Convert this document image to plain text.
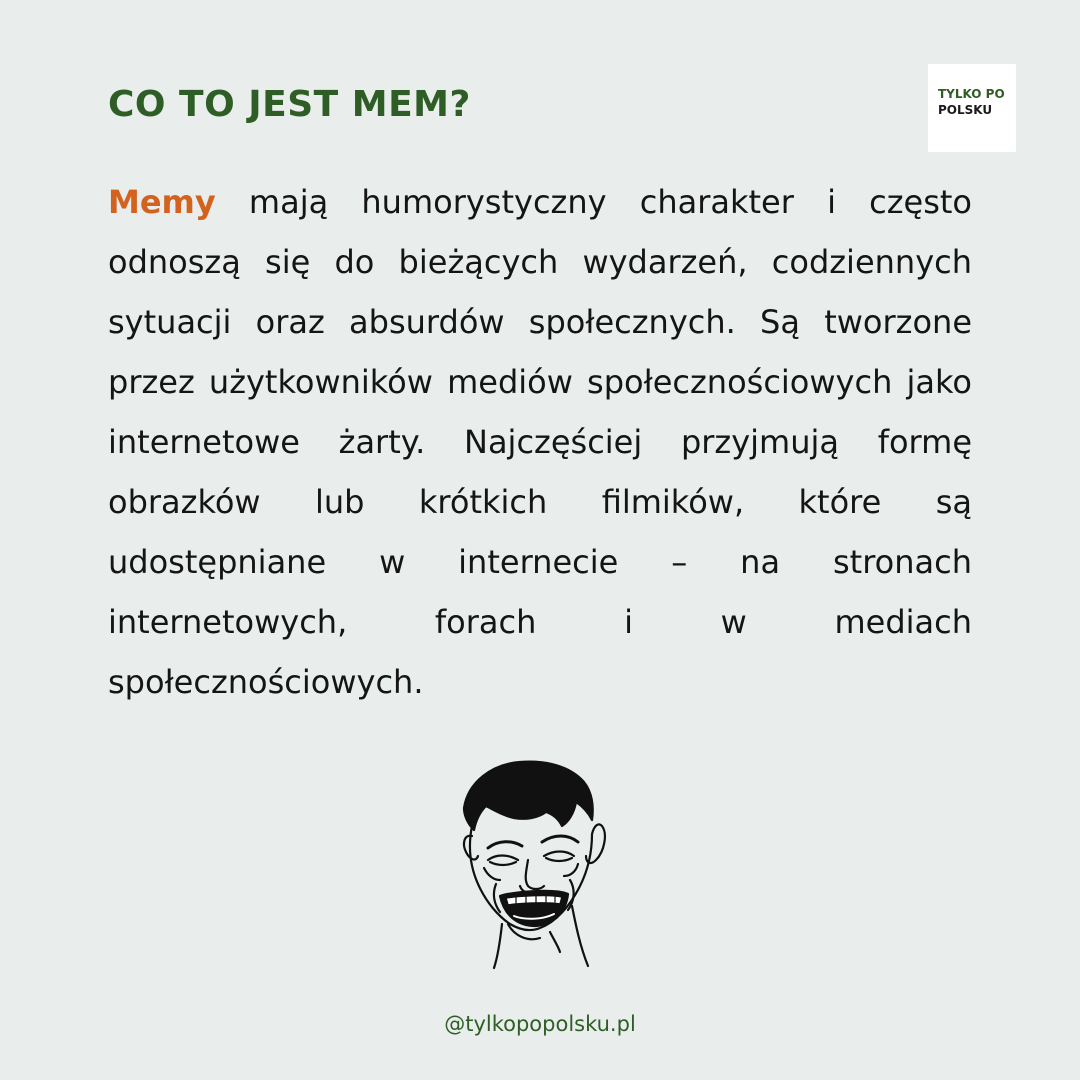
CO TO JEST MEM?	TYLKO PO
POLSKU

Memy mają humorystyczny charakter i często odnoszą się do bieżących wydarzeń, codziennych sytuacji oraz absurdów społecznych. Są tworzone przez użytkowników mediów społecznościowych jako internetowe żarty. Najczęściej przyjmują formę obrazków lub krótkich filmików, które są udostępniane w internecie – na stronach internetowych, forach i w mediach społecznościowych.

@tylkopopolsku.pl
